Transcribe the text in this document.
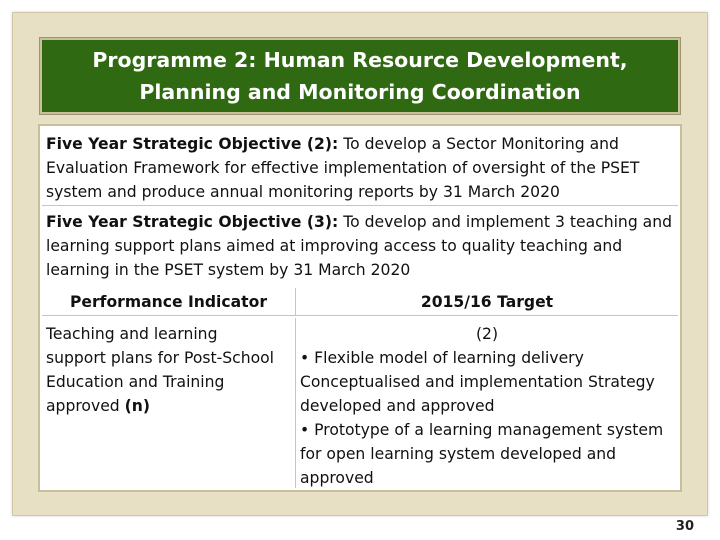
Programme 2: Human Resource Development,
Planning and Monitoring Coordination
Five Year Strategic Objective (2): To develop a Sector Monitoring and
Evaluation Framework for effective implementation of oversight of the PSET
system and produce annual monitoring reports by 31 March 2020
Five Year Strategic Objective (3): To develop and implement 3 teaching and
learning support plans aimed at improving access to quality teaching and
learning in the PSET system by 31 March 2020
Performance Indicator	2015/16 Target
Teaching and learning
support plans for Post-School
Education and Training
approved (n)
(2)
• Flexible model of learning delivery
Conceptualised and implementation Strategy
developed and approved
• Prototype of a learning management system
for open learning system developed and
approved
30
